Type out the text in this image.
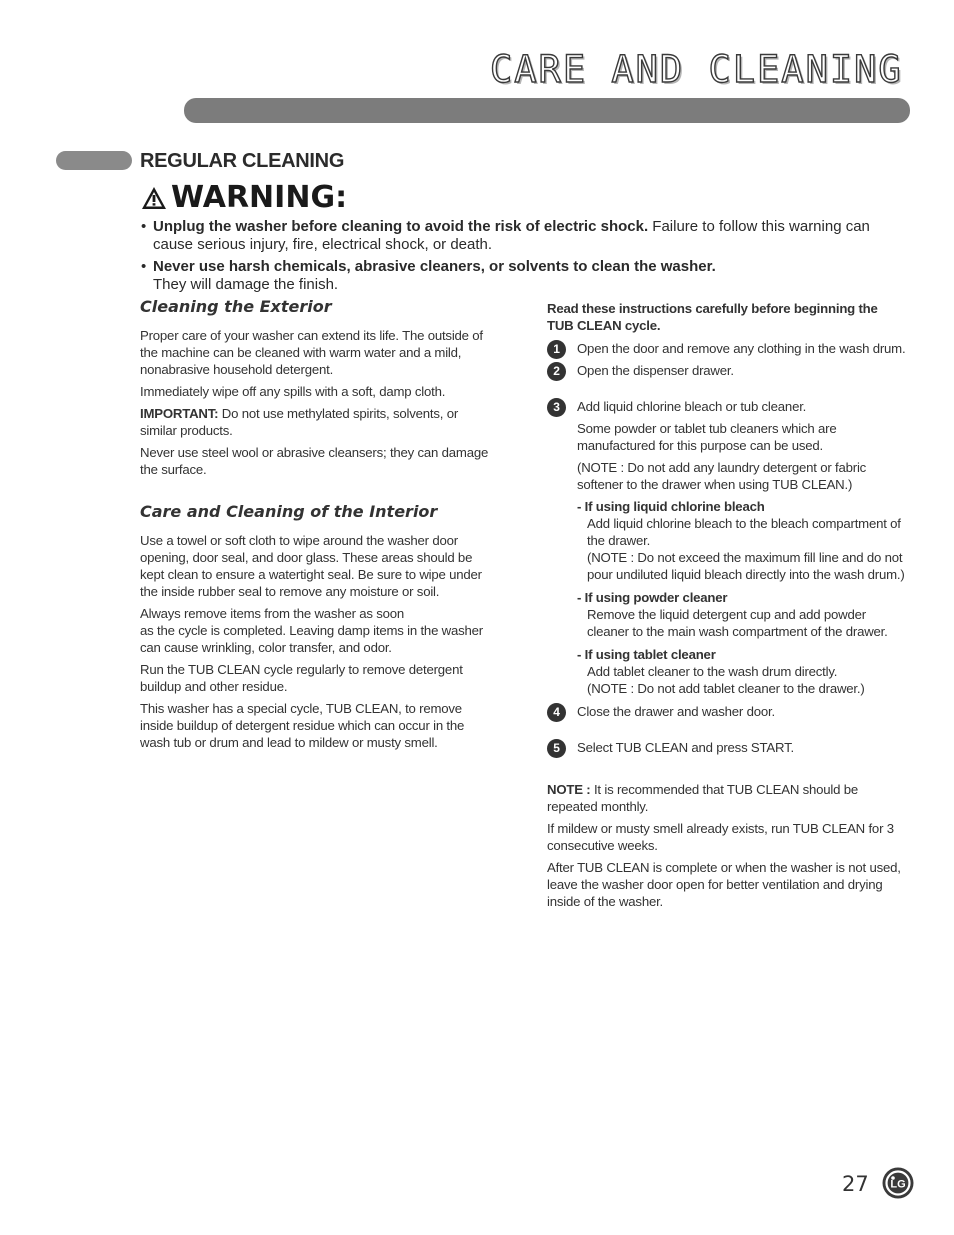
CARE AND CLEANING
REGULAR CLEANING
WARNING:
• Unplug the washer before cleaning to avoid the risk of electric shock. Failure to follow this warning can cause serious injury, fire, electrical shock, or death.
• Never use harsh chemicals, abrasive cleaners, or solvents to clean the washer.
They will damage the finish.
Cleaning the Exterior

Proper care of your washer can extend its life. The outside of the machine can be cleaned with warm water and a mild, nonabrasive household detergent.

Immediately wipe off any spills with a soft, damp cloth.

IMPORTANT: Do not use methylated spirits, solvents, or similar products.

Never use steel wool or abrasive cleansers; they can damage the surface.

Care and Cleaning of the Interior

Use a towel or soft cloth to wipe around the washer door opening, door seal, and door glass. These areas should be kept clean to ensure a watertight seal. Be sure to wipe under the inside rubber seal to remove any moisture or soil.

Always remove items from the washer as soon
as the cycle is completed. Leaving damp items in the washer can cause wrinkling, color transfer, and odor.

Run the TUB CLEAN cycle regularly to remove detergent buildup and other residue.

This washer has a special cycle, TUB CLEAN, to remove inside buildup of detergent residue which can occur in the wash tub or drum and lead to mildew or musty smell.

Read these instructions carefully before beginning the TUB CLEAN cycle.

1	Open the door and remove any clothing in the wash drum.
2	Open the dispenser drawer.
3	Add liquid chlorine bleach or tub cleaner.
Some powder or tablet tub cleaners which are manufactured for this purpose can be used.
(NOTE : Do not add any laundry detergent or fabric softener to the drawer when using TUB CLEAN.)
- If using liquid chlorine bleach
Add liquid chlorine bleach to the bleach compartment of the drawer.
(NOTE : Do not exceed the maximum fill line and do not pour undiluted liquid bleach directly into the wash drum.)
- If using powder cleaner
Remove the liquid detergent cup and add powder cleaner to the main wash compartment of the drawer.
- If using tablet cleaner
Add tablet cleaner to the wash drum directly.
(NOTE : Do not add tablet cleaner to the drawer.)
4	Close the drawer and washer door.
5	Select TUB CLEAN and press START.

NOTE : It is recommended that TUB CLEAN should be repeated monthly.

If mildew or musty smell already exists, run TUB CLEAN for 3 consecutive weeks.

After TUB CLEAN is complete or when the washer is not used, leave the washer door open for better ventilation and drying inside of the washer.

27 LG
